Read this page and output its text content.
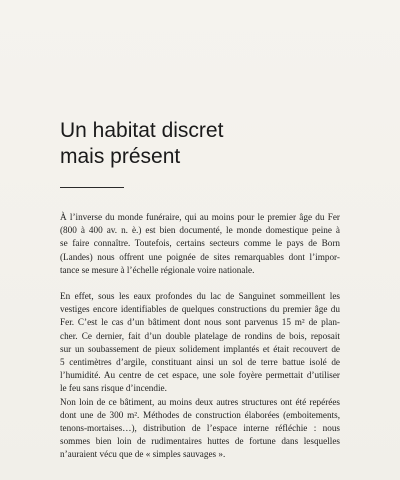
Un habitat discret
mais présent

À l’inverse du monde funéraire, qui au moins pour le premier âge du Fer
(800 à 400 av. n. è.) est bien documenté, le monde domestique peine à
se faire connaître. Toutefois, certains secteurs comme le pays de Born
(Landes) nous offrent une poignée de sites remarquables dont l’impor-
tance se mesure à l’échelle régionale voire nationale.

En effet, sous les eaux profondes du lac de Sanguinet sommeillent les
vestiges encore identifiables de quelques constructions du premier âge du
Fer. C’est le cas d’un bâtiment dont nous sont parvenus 15 m² de plan-
cher. Ce dernier, fait d’un double platelage de rondins de bois, reposait
sur un soubassement de pieux solidement implantés et était recouvert de
5 centimètres d’argile, constituant ainsi un sol de terre battue isolé de
l’humidité. Au centre de cet espace, une sole foyère permettait d’utiliser
le feu sans risque d’incendie.
Non loin de ce bâtiment, au moins deux autres structures ont été repérées
dont une de 300 m². Méthodes de construction élaborées (emboitements,
tenons-mortaises…), distribution de l’espace interne réfléchie : nous
sommes bien loin de rudimentaires huttes de fortune dans lesquelles
n’auraient vécu que de « simples sauvages ».
